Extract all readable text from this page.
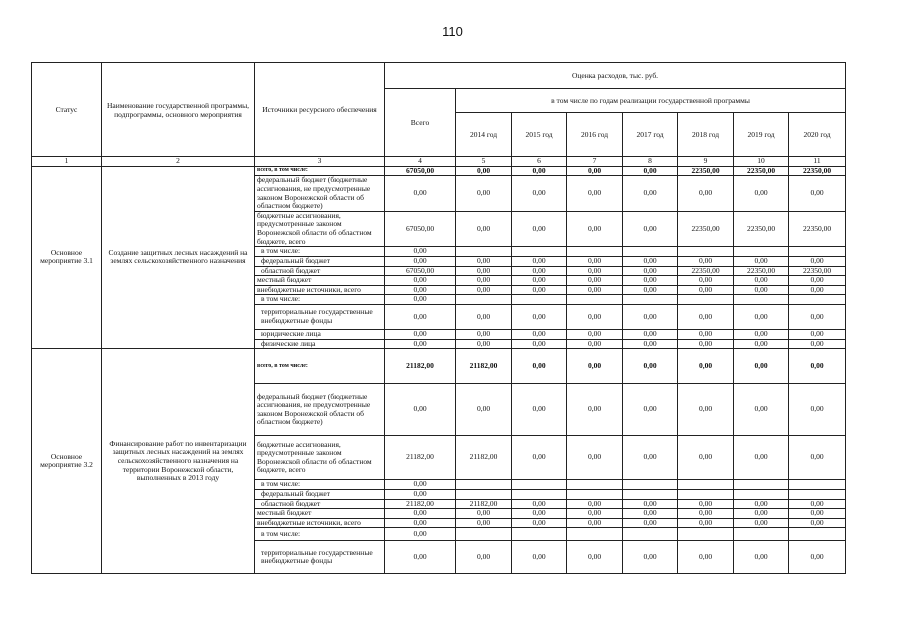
110
Статус	Наименование государственной программы, подпрограммы, основного мероприятия	Источники ресурсного обеспечения	Оценка расходов, тыс. руб.							
			Всего	в том числе по годам реализации государственной программы						
				2014 год	2015 год	2016 год	2017 год	2018 год	2019 год	2020 год
1	2	3	4	5	6	7	8	9	10	11
Основное мероприятие 3.1	Создание защитных лесных насаждений на землях сельскохозяйственного назначения	всего, в том числе:	67050,00	0,00	0,00	0,00	0,00	22350,00	22350,00	22350,00
		федеральный бюджет (бюджетные ассигнования, не предусмотренные законом Воронежской области об областном бюджете)	0,00	0,00	0,00	0,00	0,00	0,00	0,00	0,00
		бюджетные ассигнования, предусмотренные законом Воронежской области об областном бюджете, всего	67050,00	0,00	0,00	0,00	0,00	22350,00	22350,00	22350,00
		в том числе:	0,00							
		федеральный бюджет	0,00	0,00	0,00	0,00	0,00	0,00	0,00	0,00
		областной бюджет	67050,00	0,00	0,00	0,00	0,00	22350,00	22350,00	22350,00
		местный бюджет	0,00	0,00	0,00	0,00	0,00	0,00	0,00	0,00
		внебюджетные источники, всего	0,00	0,00	0,00	0,00	0,00	0,00	0,00	0,00
		в том числе:	0,00							
		территориальные государственные внебюджетные фонды	0,00	0,00	0,00	0,00	0,00	0,00	0,00	0,00
		юридические лица	0,00	0,00	0,00	0,00	0,00	0,00	0,00	0,00
		физические лица	0,00	0,00	0,00	0,00	0,00	0,00	0,00	0,00
Основное мероприятие 3.2	Финансирование работ по инвентаризации защитных лесных насаждений на землях сельскохозяйственного назначения на территории Воронежской области, выполненных в 2013 году	всего, в том числе:	21182,00	21182,00	0,00	0,00	0,00	0,00	0,00	0,00
		федеральный бюджет (бюджетные ассигнования, не предусмотренные законом Воронежской области об областном бюджете)	0,00	0,00	0,00	0,00	0,00	0,00	0,00	0,00
		бюджетные ассигнования, предусмотренные законом Воронежской области об областном бюджете, всего	21182,00	21182,00	0,00	0,00	0,00	0,00	0,00	0,00
		в том числе:	0,00							
		федеральный бюджет	0,00							
		областной бюджет	21182,00	21182,00	0,00	0,00	0,00	0,00	0,00	0,00
		местный бюджет	0,00	0,00	0,00	0,00	0,00	0,00	0,00	0,00
		внебюджетные источники, всего	0,00	0,00	0,00	0,00	0,00	0,00	0,00	0,00
		в том числе:	0,00							
		территориальные государственные внебюджетные фонды	0,00	0,00	0,00	0,00	0,00	0,00	0,00	0,00
